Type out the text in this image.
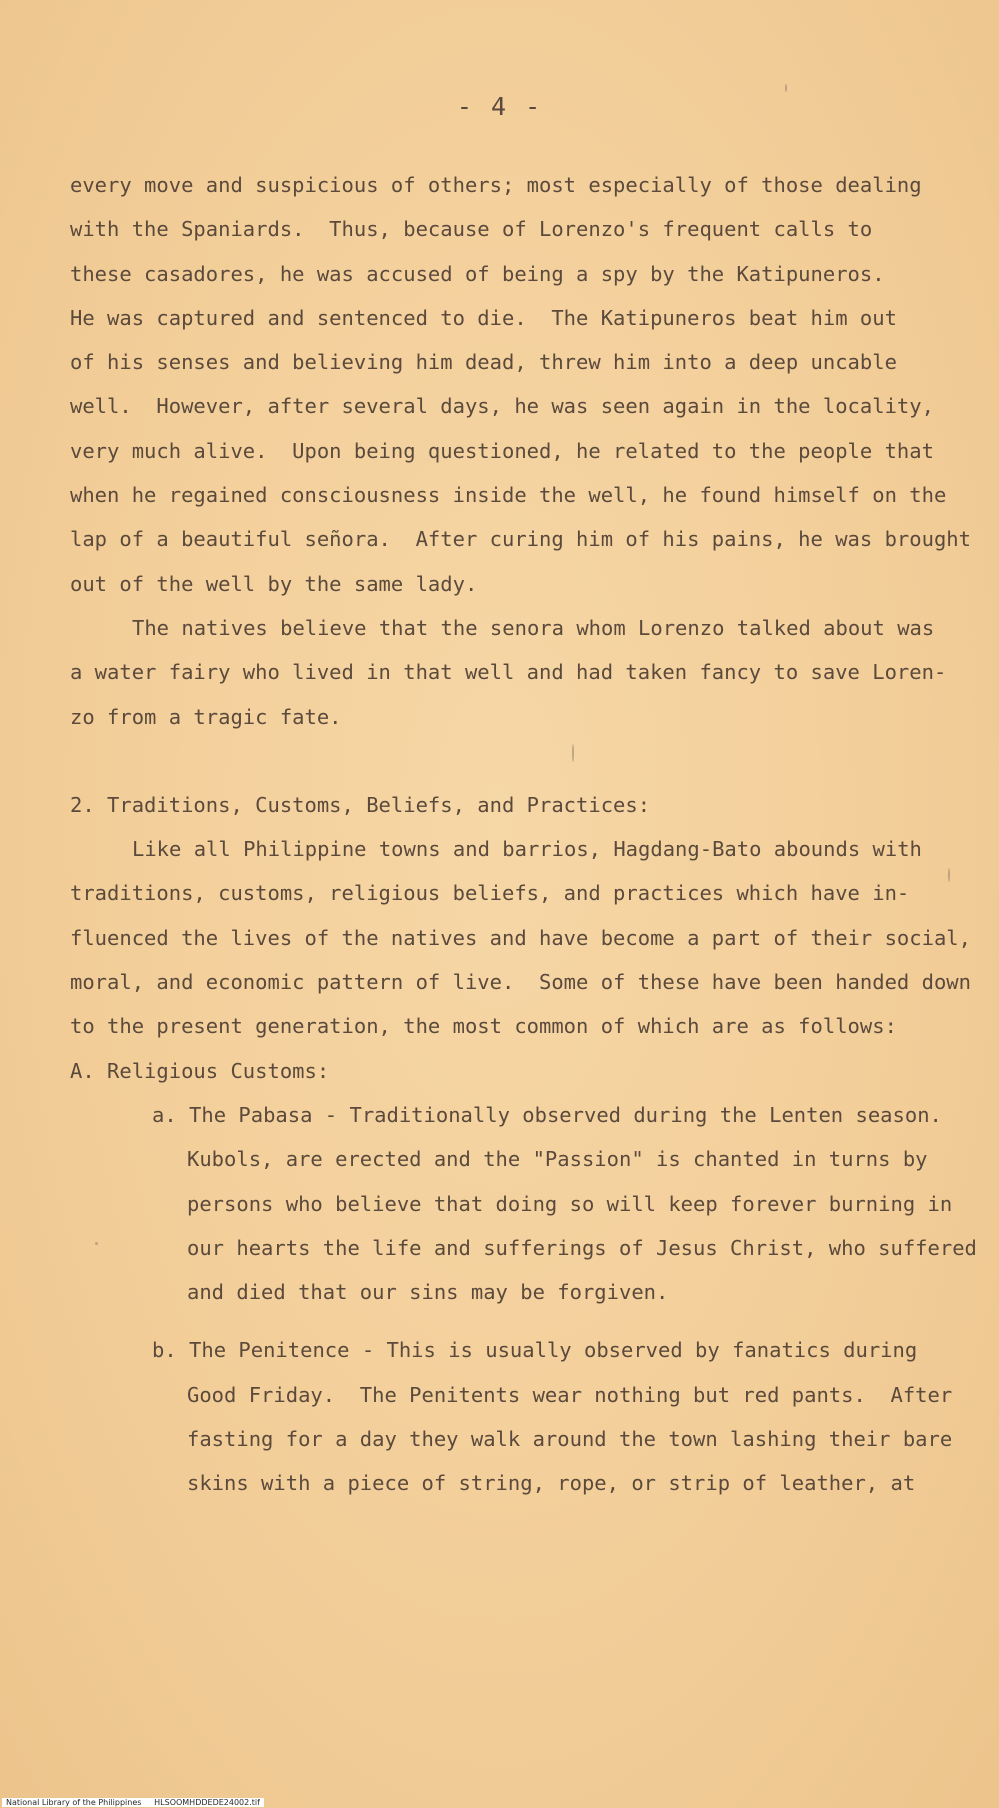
- 4 -
every move and suspicious of others; most especially of those dealing
with the Spaniards.  Thus, because of Lorenzo's frequent calls to
these casadores, he was accused of being a spy by the Katipuneros.
He was captured and sentenced to die.  The Katipuneros beat him out
of his senses and believing him dead, threw him into a deep uncable
well.  However, after several days, he was seen again in the locality,
very much alive.  Upon being questioned, he related to the people that
when he regained consciousness inside the well, he found himself on the
lap of a beautiful señora.  After curing him of his pains, he was brought
out of the well by the same lady.
The natives believe that the senora whom Lorenzo talked about was
a water fairy who lived in that well and had taken fancy to save Loren-
zo from a tragic fate.
2. Traditions, Customs, Beliefs, and Practices:
Like all Philippine towns and barrios, Hagdang-Bato abounds with
traditions, customs, religious beliefs, and practices which have in-
fluenced the lives of the natives and have become a part of their social,
moral, and economic pattern of live.  Some of these have been handed down
to the present generation, the most common of which are as follows:
A. Religious Customs:
a. The Pabasa - Traditionally observed during the Lenten season.
Kubols, are erected and the "Passion" is chanted in turns by
persons who believe that doing so will keep forever burning in
our hearts the life and sufferings of Jesus Christ, who suffered
and died that our sins may be forgiven.
b. The Penitence - This is usually observed by fanatics during
Good Friday.  The Penitents wear nothing but red pants.  After
fasting for a day they walk around the town lashing their bare
skins with a piece of string, rope, or strip of leather, at
National Library of the Philippines     HLSOOMHDDEDE24002.tif
